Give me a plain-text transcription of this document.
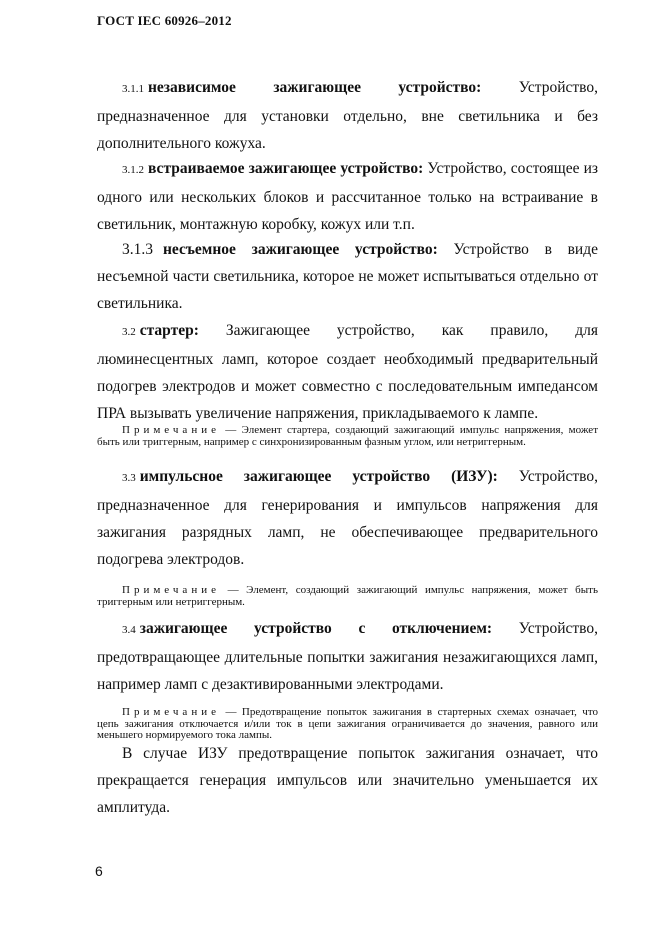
ГОСТ IEC 60926–2012

3.1.1 независимое зажигающее устройство: Устройство, предназначенное для установки отдельно, вне светильника и без дополнительного кожуха.

3.1.2 встраиваемое зажигающее устройство: Устройство, состоящее из одного или нескольких блоков и рассчитанное только на встраивание в светильник, монтажную коробку, кожух или т.п.

3.1.3 несъемное зажигающее устройство: Устройство в виде несъемной части светильника, которое не может испытываться отдельно от светильника.

3.2 стартер: Зажигающее устройство, как правило, для люминесцентных ламп, которое создает необходимый предварительный подогрев электродов и может совместно с последовательным импедансом ПРА вызывать увеличение напряжения, прикладываемого к лампе.

Примечание — Элемент стартера, создающий зажигающий импульс напряжения, может быть или триггерным, например с синхронизированным фазным углом, или нетриггерным.

3.3 импульсное зажигающее устройство (ИЗУ): Устройство, предназначенное для генерирования и импульсов напряжения для зажигания разрядных ламп, не обеспечивающее предварительного подогрева электродов.

Примечание — Элемент, создающий зажигающий импульс напряжения, может быть триггерным или нетриггерным.

3.4 зажигающее устройство с отключением: Устройство, предотвращающее длительные попытки зажигания незажигающихся ламп, например ламп с дезактивированными электродами.

Примечание — Предотвращение попыток зажигания в стартерных схемах означает, что цепь зажигания отключается и/или ток в цепи зажигания ограничивается до значения, равного или меньшего нормируемого тока лампы.

В случае ИЗУ предотвращение попыток зажигания означает, что прекращается генерация импульсов или значительно уменьшается их амплитуда.

6
